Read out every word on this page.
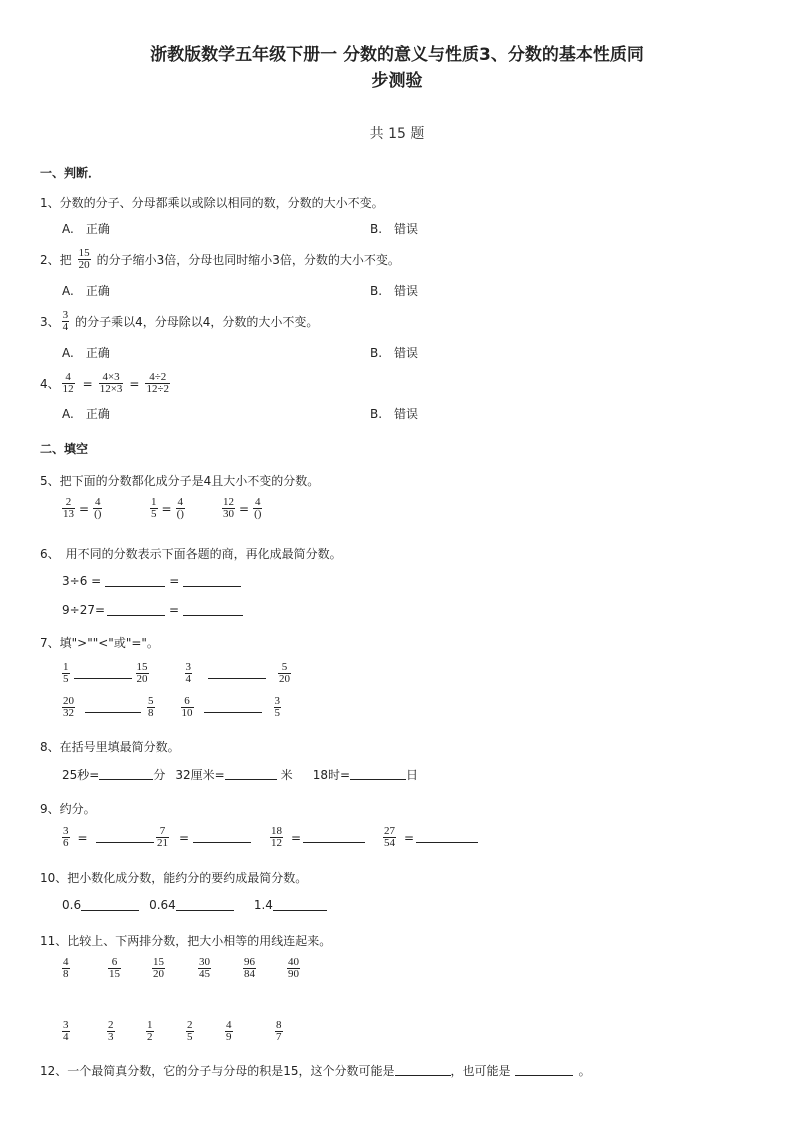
浙教版数学五年级下册一 分数的意义与性质3、分数的基本性质同
步测验
共 15 题
一、判断．
1、分数的分子、分母都乘以或除以相同的数，分数的大小不变。
A.　正确	B.　错误
2、把 $\frac{15}{20}$ 的分子缩小3倍，分母也同时缩小3倍，分数的大小不变。
A.　正确	B.　错误
3、 $\frac{3}{4}$ 的分子乘以4，分母除以4，分数的大小不变。
A.　正确	B.　错误
4、 $\frac{4}{12} = \frac{4\times 3}{12\times 3} = \frac{4\div 2}{12\div 2}$
A.　正确	B.　错误
二、填空
5、把下面的分数都化成分子是4且大小不变的分数。
$\frac{2}{13} = \frac{4}{()}$	$\frac{1}{5} = \frac{4}{()}$	$\frac{12}{30} = \frac{4}{()}$
6、　用不同的分数表示下面各题的商，再化成最简分数。
3÷6 =	=
9÷27=	=
7、填">""<"或"="。
$\frac{1}{5}$	$\frac{15}{20}$	$\frac{3}{4}$	$\frac{5}{20}$
$\frac{20}{32}$	$\frac{5}{8} \frac{6}{10}$	$\frac{3}{5}$
8、在括号里填最简分数。
25秒=	分 32厘米=	米 18时=	日
9、约分。
$\frac{3}{6}$ =	$\frac{7}{21}$ =	$\frac{18}{12}$ =	$\frac{27}{54}$ =
10、把小数化成分数，能约分的要约成最简分数。
0.6	0.64	1.4
11、比较上、下两排分数，把大小相等的用线连起来。
$\frac{4}{8}$	$\frac{6}{15}$	$\frac{15}{20}$	$\frac{30}{45}$	$\frac{96}{84}$	$\frac{40}{90}$
$\frac{3}{4}$	$\frac{2}{3}$	$\frac{1}{2}$	$\frac{2}{5}$	$\frac{4}{9}$	$\frac{8}{7}$
12、一个最简真分数，它的分子与分母的积是15，这个分数可能是	，也可能是	。
